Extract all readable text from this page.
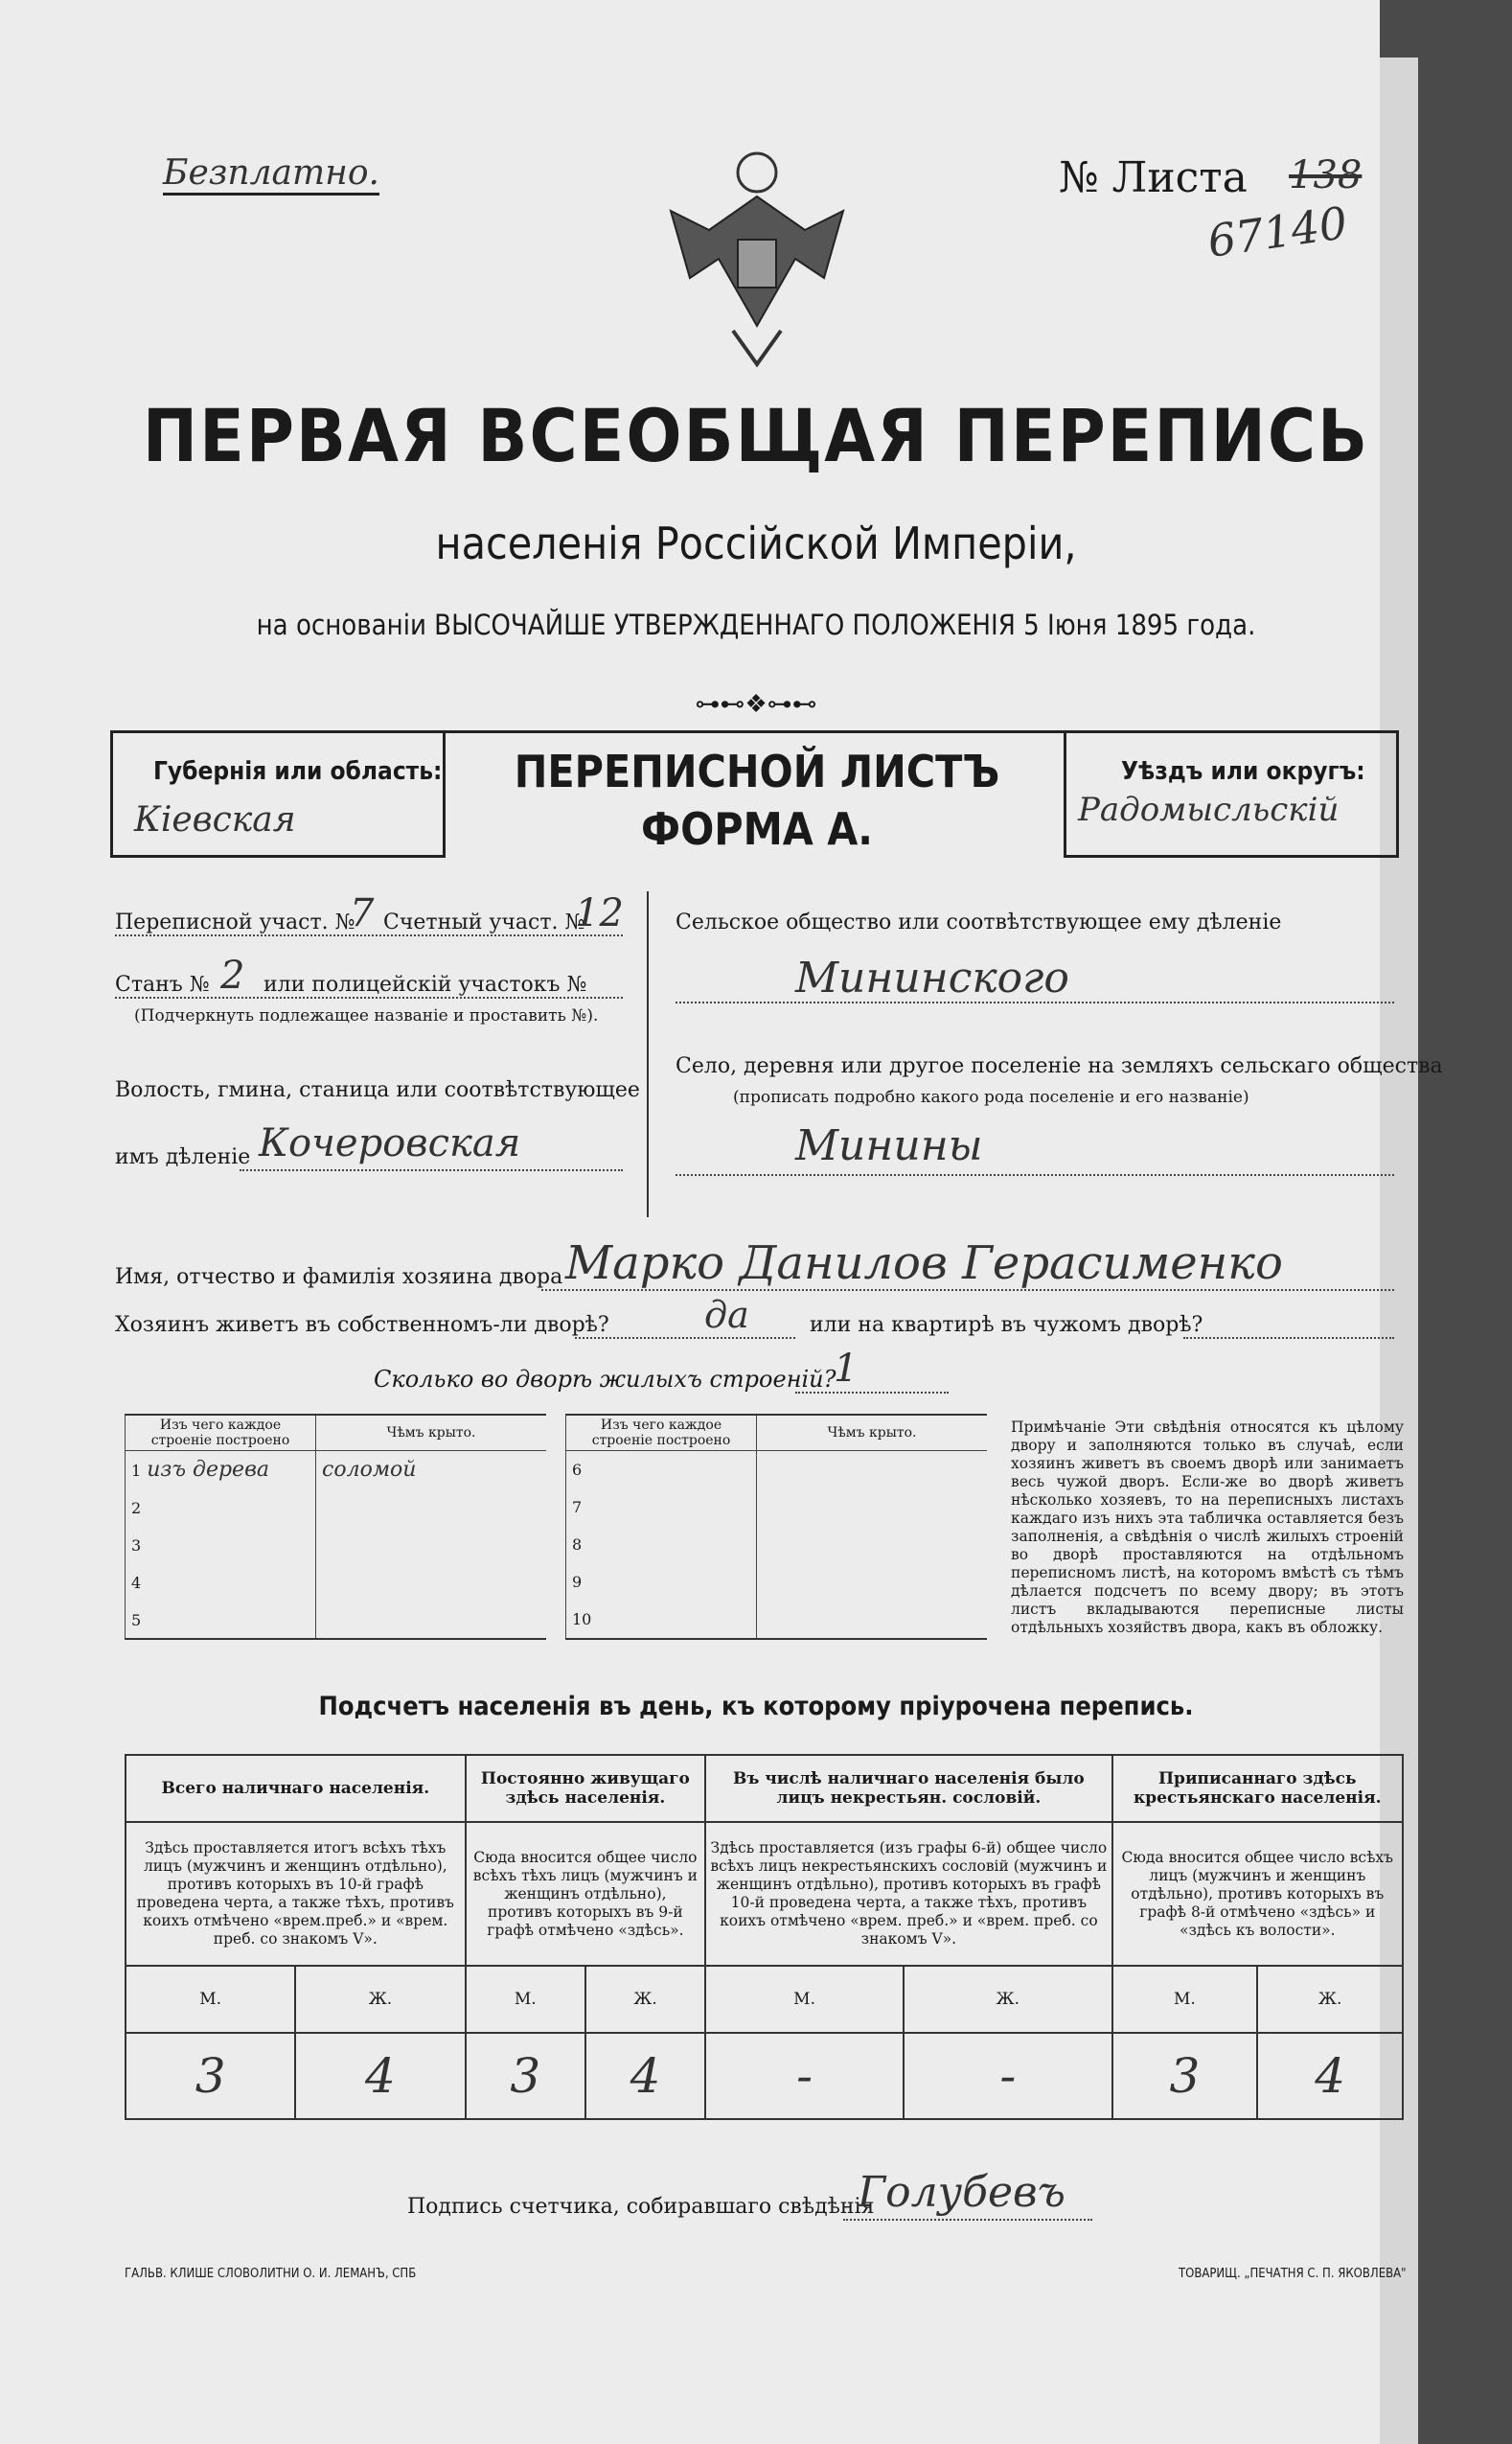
Безплатно.	№ Листа 138
67140
ПЕРВАЯ ВСЕОБЩАЯ ПЕРЕПИСЬ
населенія Россійской Имперіи,
на основаніи ВЫСОЧАЙШЕ УТВЕРЖДЕННАГО ПОЛОЖЕНІЯ 5 Іюня 1895 года.
⊶⊷❖⊶⊷
Губернія или область:
Кіевская
ПЕРЕПИСНОЙ ЛИСТЪ
ФОРМА А.
Уѣздъ или округъ:
Радомысльскій
Переписной участ. №
7 Счетный участ. №
12
Станъ № 2 или полицейскій участокъ №
(Подчеркнуть подлежащее названіе и проставить №).
Волость, гмина, станица или соотвѣтствующее
имъ дѣленіе Кочеровская
Сельское общество или соотвѣтствующее ему дѣленіе
Мининского
Село, деревня или другое поселеніе на земляхъ сельскаго общества
(прописать подробно какого рода поселеніе и его названіе)
Минины
Имя, отчество и фамилія хозяина двора Марко Данилов Герасименко
Хозяинъ живетъ въ собственномъ-ли дворѣ?	да	или на квартирѣ въ чужомъ дворѣ?
Сколько во дворѣ жилыхъ строеній?
1
Изъ чего каждое строеніе построено	Чѣмъ крыто.
1 изъ дерева	соломой
2	
3	
4	
5	
Изъ чего каждое строеніе построено	Чѣмъ крыто.
6	
7	
8	
9	
10	
Примѣчаніе Эти свѣдѣнія относятся къ цѣлому двору и заполняются только въ случаѣ, если хозяинъ живетъ въ своемъ дворѣ или занимаетъ весь чужой дворъ. Если-же во дворѣ живетъ нѣсколько хозяевъ, то на переписныхъ листахъ каждаго изъ нихъ эта табличка оставляется безъ заполненія, а свѣдѣнія о числѣ жилыхъ строеній во дворѣ проставляются на отдѣльномъ переписномъ листѣ, на которомъ вмѣстѣ съ тѣмъ дѣлается подсчетъ по всему двору; въ этотъ листъ вкладываются переписные листы отдѣльныхъ хозяйствъ двора, какъ въ обложку.
Подсчетъ населенія въ день, къ которому пріурочена перепись.
Всего наличнаго населенія.		Постоянно живущаго здѣсь населенія.		Въ числѣ наличнаго населенія было лицъ некрестьян. сословій.		Приписаннаго здѣсь крестьянскаго населенія.	
Здѣсь проставляется итогъ всѣхъ тѣхъ лицъ (мужчинъ и женщинъ отдѣльно), противъ которыхъ въ 10-й графѣ проведена черта, а также тѣхъ, противъ коихъ отмѣчено «врем.преб.» и «врем. преб. со знакомъ V».		Сюда вносится общее число всѣхъ тѣхъ лицъ (мужчинъ и женщинъ отдѣльно), противъ которыхъ въ 9-й графѣ отмѣчено «здѣсь».		Здѣсь проставляется (изъ графы 6-й) общее число всѣхъ лицъ некрестьянскихъ сословій (мужчинъ и женщинъ отдѣльно), противъ которыхъ въ графѣ 10-й проведена черта, а также тѣхъ, противъ коихъ отмѣчено «врем. преб.» и «врем. преб. со знакомъ V».		Сюда вносится общее число всѣхъ лицъ (мужчинъ и женщинъ отдѣльно), противъ которыхъ въ графѣ 8-й отмѣчено «здѣсь» и «здѣсь къ волости».	
М.	Ж.	М.	Ж.	М.	Ж.	М.	Ж.
3	4	3	4	-	-	3	4
Подпись счетчика, собиравшаго свѣдѣнія
Голубевъ
ГАЛЬВ. КЛИШЕ СЛОВОЛИТНИ О. И. ЛЕМАНЪ, СПБ	ТОВАРИЩ. „ПЕЧАТНЯ С. П. ЯКОВЛЕВА"
